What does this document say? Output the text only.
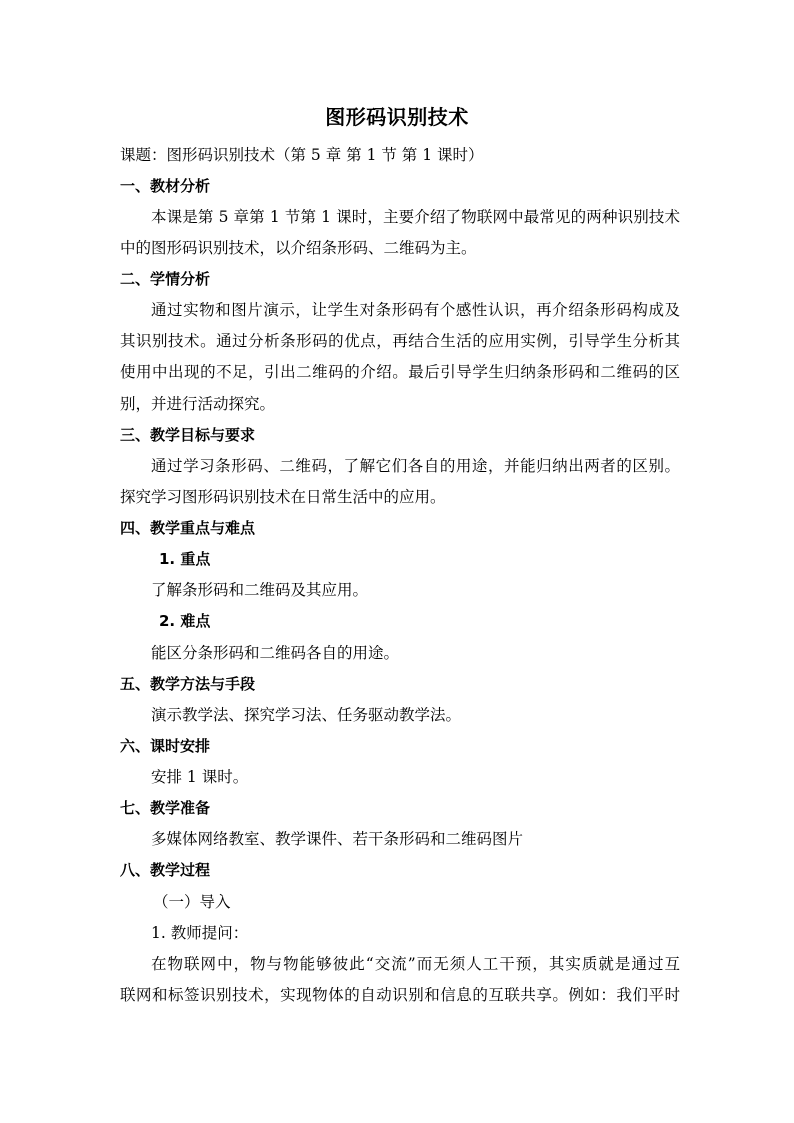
图形码识别技术
课题：图形码识别技术（第 5 章 第 1 节 第 1 课时）
一、教材分析
本课是第 5 章第 1 节第 1 课时，主要介绍了物联网中最常见的两种识别技术
中的图形码识别技术，以介绍条形码、二维码为主。
二、学情分析
通过实物和图片演示，让学生对条形码有个感性认识，再介绍条形码构成及
其识别技术。通过分析条形码的优点，再结合生活的应用实例，引导学生分析其
使用中出现的不足，引出二维码的介绍。最后引导学生归纳条形码和二维码的区
别，并进行活动探究。
三、教学目标与要求
通过学习条形码、二维码，了解它们各自的用途，并能归纳出两者的区别。
探究学习图形码识别技术在日常生活中的应用。
四、教学重点与难点
1. 重点
了解条形码和二维码及其应用。
2. 难点
能区分条形码和二维码各自的用途。
五、教学方法与手段
演示教学法、探究学习法、任务驱动教学法。
六、课时安排
安排 1 课时。
七、教学准备
多媒体网络教室、教学课件、若干条形码和二维码图片
八、教学过程
（一）导入
1. 教师提问：
在物联网中，物与物能够彼此“交流”而无须人工干预，其实质就是通过互
联网和标签识别技术，实现物体的自动识别和信息的互联共享。例如：我们平时
